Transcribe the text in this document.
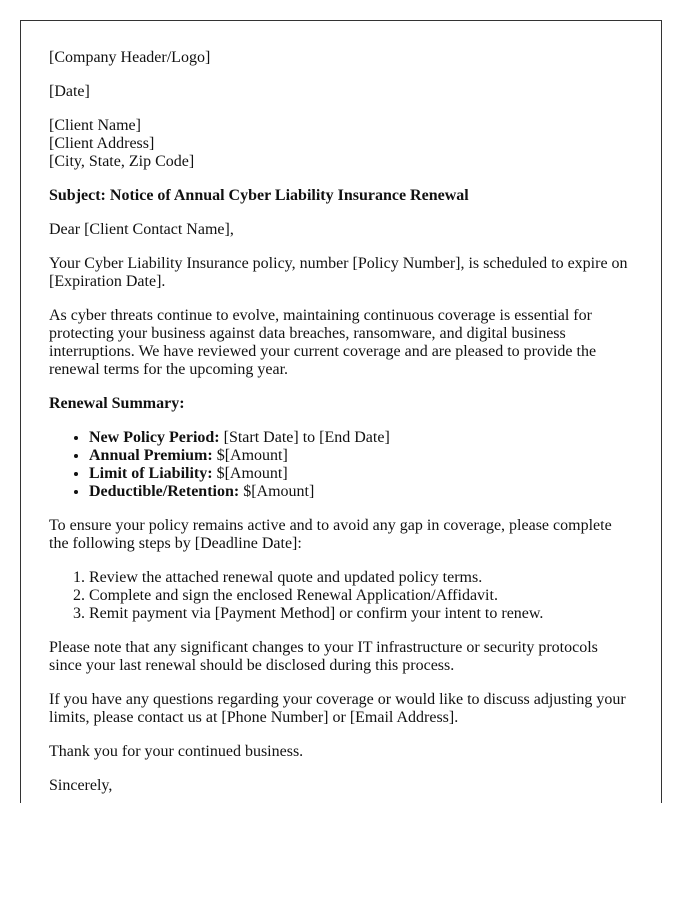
[Company Header/Logo]

[Date]

[Client Name]
[Client Address]
[City, State, Zip Code]

Subject: Notice of Annual Cyber Liability Insurance Renewal

Dear [Client Contact Name],

Your Cyber Liability Insurance policy, number [Policy Number], is scheduled to expire on [Expiration Date].

As cyber threats continue to evolve, maintaining continuous coverage is essential for protecting your business against data breaches, ransomware, and digital business interruptions. We have reviewed your current coverage and are pleased to provide the renewal terms for the upcoming year.

Renewal Summary:

• New Policy Period: [Start Date] to [End Date]
• Annual Premium: $[Amount]
• Limit of Liability: $[Amount]
• Deductible/Retention: $[Amount]

To ensure your policy remains active and to avoid any gap in coverage, please complete the following steps by [Deadline Date]:

1. Review the attached renewal quote and updated policy terms.
2. Complete and sign the enclosed Renewal Application/Affidavit.
3. Remit payment via [Payment Method] or confirm your intent to renew.

Please note that any significant changes to your IT infrastructure or security protocols since your last renewal should be disclosed during this process.

If you have any questions regarding your coverage or would like to discuss adjusting your limits, please contact us at [Phone Number] or [Email Address].

Thank you for your continued business.

Sincerely,
